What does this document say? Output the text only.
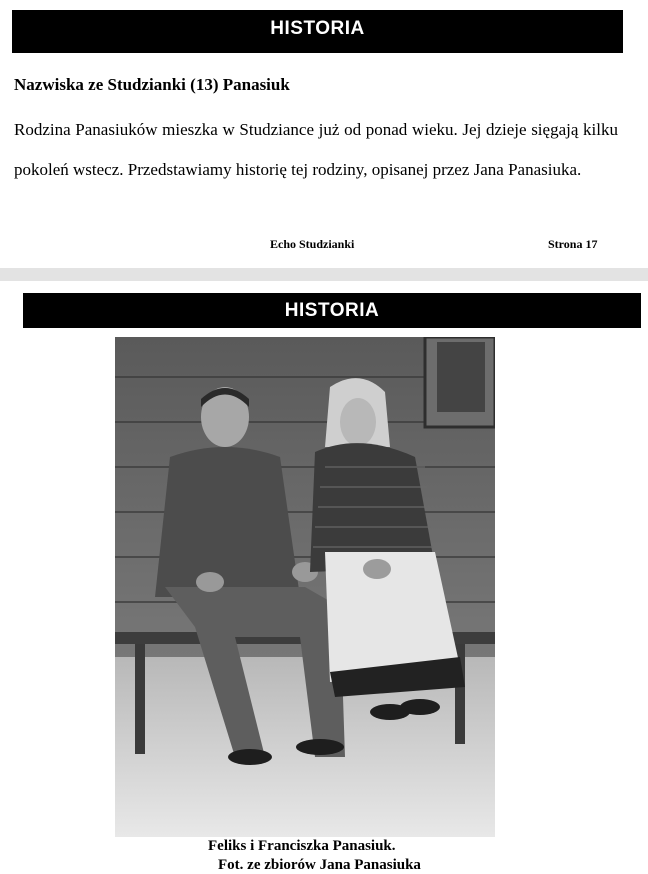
HISTORIA
Nazwiska ze Studzianki (13) Panasiuk

Rodzina Panasiuków mieszka w Studziance już od ponad wieku. Jej dzieje sięgają kilku pokoleń wstecz. Przedstawiamy historię tej rodziny, opisanej przez Jana Panasiuka.

Echo Studzianki	Strona 17
HISTORIA
Feliks i Franciszka Panasiuk.
Fot. ze zbiorów Jana Panasiuka
